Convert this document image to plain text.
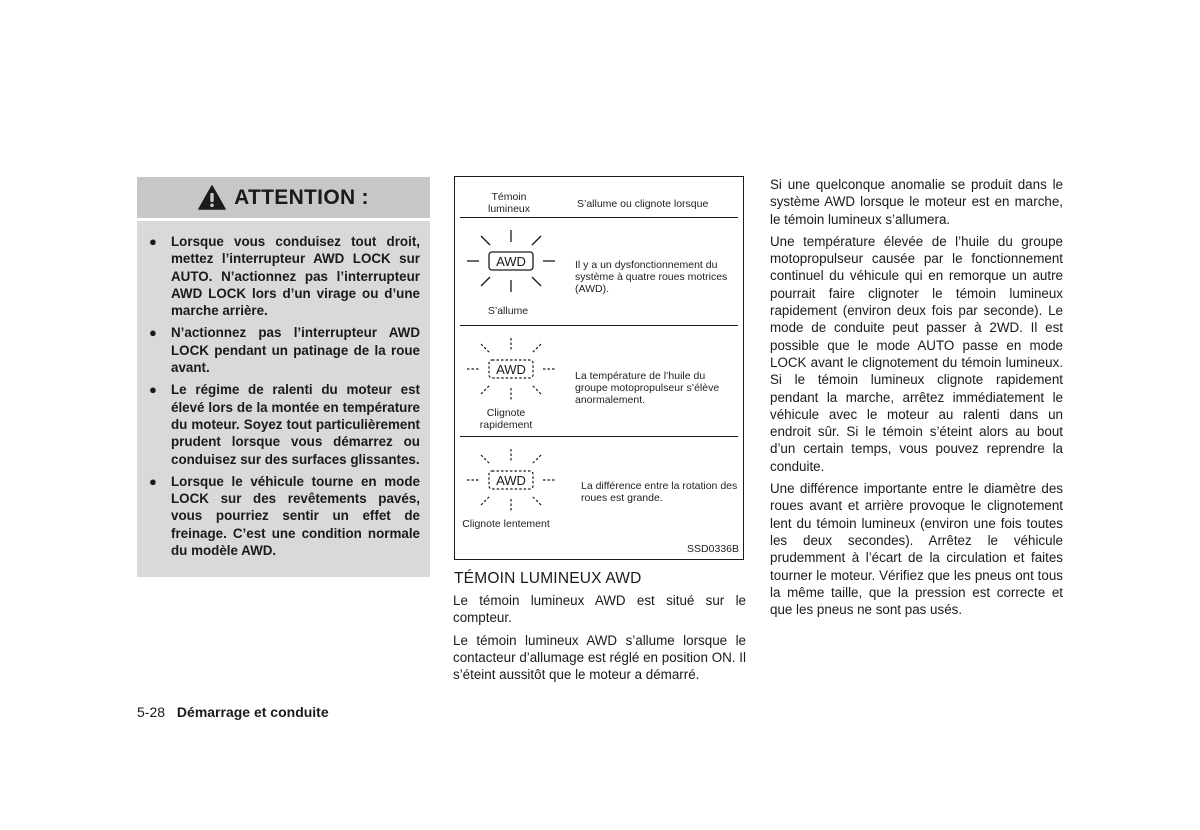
ATTENTION :
● Lorsque vous conduisez tout droit, mettez l’interrupteur AWD LOCK sur AUTO. N’actionnez pas l’interrupteur AWD LOCK lors d’un virage ou d’une marche arrière.
● N’actionnez pas l’interrupteur AWD LOCK pendant un patinage de la roue avant.
● Le régime de ralenti du moteur est élevé lors de la montée en température du moteur. Soyez tout particulièrement prudent lorsque vous démarrez ou conduisez sur des surfaces glissantes.
● Lorsque le véhicule tourne en mode LOCK sur des revêtements pavés, vous pourriez sentir un effet de freinage. C’est une condition normale du modèle AWD.
Témoin lumineux	S’allume ou clignote lorsque
AWD
S’allume
Il y a un dysfonctionnement du système à quatre roues motrices (AWD).
AWD
Clignote rapidement
La température de l’huile du groupe motopropulseur s’élève anormalement.
AWD
Clignote lentement
La différence entre la rotation des roues est grande.
SSD0336B
TÉMOIN LUMINEUX AWD

Le témoin lumineux AWD est situé sur le compteur.

Le témoin lumineux AWD s’allume lorsque le contacteur d’allumage est réglé en position ON. Il s’éteint aussitôt que le moteur a démarré.

Si une quelconque anomalie se produit dans le système AWD lorsque le moteur est en marche, le témoin lumineux s’allumera.

Une température élevée de l’huile du groupe motopropulseur causée par le fonctionnement continuel du véhicule qui en remorque un autre pourrait faire clignoter le témoin lumineux rapidement (environ deux fois par seconde). Le mode de conduite peut passer à 2WD. Il est possible que le mode AUTO passe en mode LOCK avant le clignotement du témoin lumineux. Si le témoin lumineux clignote rapidement pendant la marche, arrêtez immédiatement le véhicule avec le moteur au ralenti dans un endroit sûr. Si le témoin s’éteint alors au bout d’un certain temps, vous pouvez reprendre la conduite.

Une différence importante entre le diamètre des roues avant et arrière provoque le clignotement lent du témoin lumineux (environ une fois toutes les deux secondes). Arrêtez le véhicule prudemment à l’écart de la circulation et faites tourner le moteur. Vérifiez que les pneus ont tous la même taille, que la pression est correcte et que les pneus ne sont pas usés.

5-28 Démarrage et conduite
